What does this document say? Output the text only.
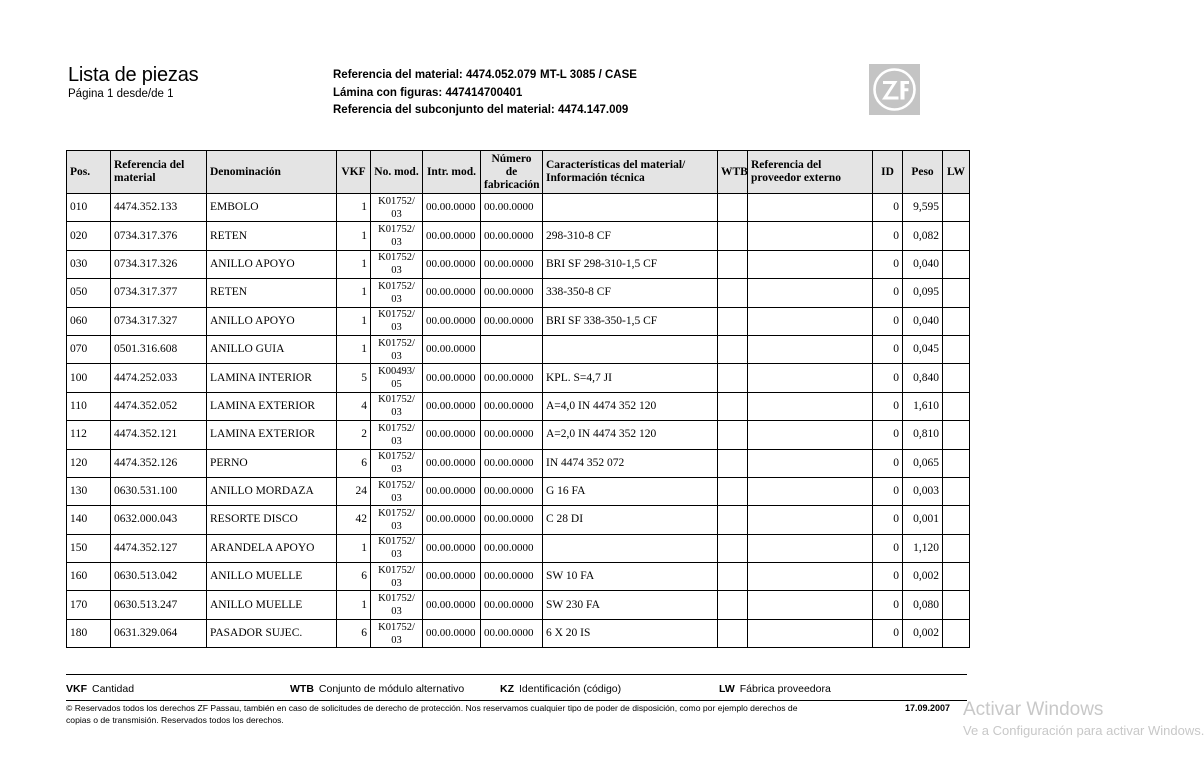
Lista de piezas
Página 1 desde/de 1
Referencia del material: 4474.052.079 MT-L 3085 / CASE
Lámina con figuras: 447414700401
Referencia del subconjunto del material: 4474.147.009
Pos.	Referencia del
material	Denominación	VKF	No. mod.	Intr. mod.	Número
de
fabricación	Características del material/
Información técnica	WTB	Referencia del
proveedor externo	ID	Peso	LW
010	4474.352.133	EMBOLO	1	K01752/
03	00.00.0000	00.00.0000				0	9,595	
020	0734.317.376	RETEN	1	K01752/
03	00.00.0000	00.00.0000	298-310-8 CF			0	0,082	
030	0734.317.326	ANILLO APOYO	1	K01752/
03	00.00.0000	00.00.0000	BRI SF 298-310-1,5 CF			0	0,040	
050	0734.317.377	RETEN	1	K01752/
03	00.00.0000	00.00.0000	338-350-8 CF			0	0,095	
060	0734.317.327	ANILLO APOYO	1	K01752/
03	00.00.0000	00.00.0000	BRI SF 338-350-1,5 CF			0	0,040	
070	0501.316.608	ANILLO GUIA	1	K01752/
03	00.00.0000					0	0,045	
100	4474.252.033	LAMINA INTERIOR	5	K00493/
05	00.00.0000	00.00.0000	KPL. S=4,7 JI			0	0,840	
110	4474.352.052	LAMINA EXTERIOR	4	K01752/
03	00.00.0000	00.00.0000	A=4,0 IN 4474 352 120			0	1,610	
112	4474.352.121	LAMINA EXTERIOR	2	K01752/
03	00.00.0000	00.00.0000	A=2,0 IN 4474 352 120			0	0,810	
120	4474.352.126	PERNO	6	K01752/
03	00.00.0000	00.00.0000	IN 4474 352 072			0	0,065	
130	0630.531.100	ANILLO MORDAZA	24	K01752/
03	00.00.0000	00.00.0000	G 16 FA			0	0,003	
140	0632.000.043	RESORTE DISCO	42	K01752/
03	00.00.0000	00.00.0000	C 28 DI			0	0,001	
150	4474.352.127	ARANDELA APOYO	1	K01752/
03	00.00.0000	00.00.0000				0	1,120	
160	0630.513.042	ANILLO MUELLE	6	K01752/
03	00.00.0000	00.00.0000	SW 10 FA			0	0,002	
170	0630.513.247	ANILLO MUELLE	1	K01752/
03	00.00.0000	00.00.0000	SW 230 FA			0	0,080	
180	0631.329.064	PASADOR SUJEC.	6	K01752/
03	00.00.0000	00.00.0000	6 X 20 IS			0	0,002	
VKF Cantidad	WTB Conjunto de módulo alternativo	KZ Identificación (código)	LW Fábrica proveedora
© Reservados todos los derechos ZF Passau, también en caso de solicitudes de derecho de protección. Nos reservamos cualquier tipo de poder de disposición, como por ejemplo derechos de
copias o de transmisión. Reservados todos los derechos.
17.09.2007 Activar Windows
Ve a Configuración para activar Windows.
